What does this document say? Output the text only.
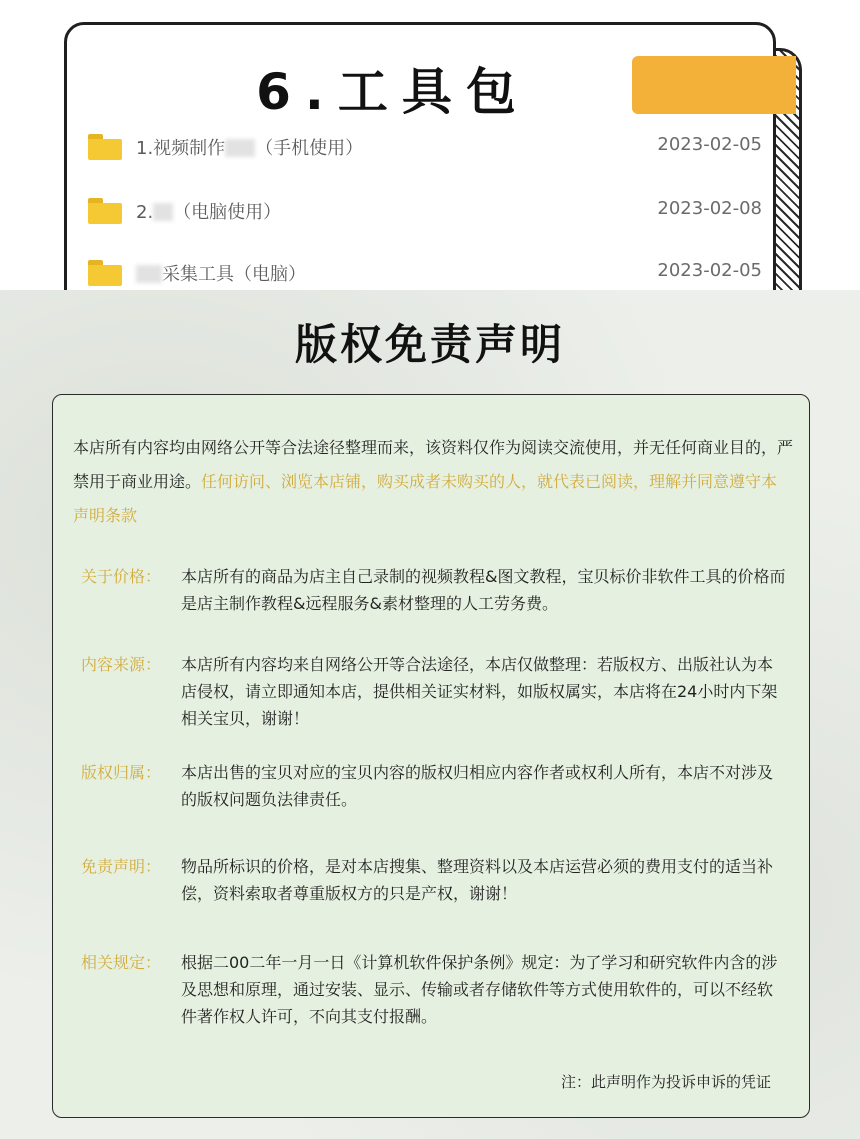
6.工具包
1.视频制作 （手机使用）	2023-02-05
2. （电脑使用）	2023-02-08
采集工具（电脑）	2023-02-05
版权免责声明
本店所有内容均由网络公开等合法途径整理而来，该资料仅作为阅读交流使用，并无任何商业目的，严禁用于商业用途。任何访问、浏览本店铺，购买成者未购买的人，就代表已阅读，理解并同意遵守本声明条款
关于价格： 本店所有的商品为店主自己录制的视频教程&图文教程，宝贝标价非软件工具的价格而是店主制作教程&远程服务&素材整理的人工劳务费。
内容来源： 本店所有内容均来自网络公开等合法途径，本店仅做整理：若版权方、出版社认为本店侵权，请立即通知本店，提供相关证实材料，如版权属实，本店将在24小时内下架相关宝贝，谢谢！
版权归属： 本店出售的宝贝对应的宝贝内容的版权归相应内容作者或权利人所有，本店不对涉及的版权问题负法律责任。
免责声明： 物品所标识的价格，是对本店搜集、整理资料以及本店运营必须的费用支付的适当补偿，资料索取者尊重版权方的只是产权，谢谢！
相关规定： 根据二00二年一月一日《计算机软件保护条例》规定：为了学习和研究软件内含的涉及思想和原理，通过安装、显示、传输或者存储软件等方式使用软件的，可以不经软件著作权人许可，不向其支付报酬。
注：此声明作为投诉申诉的凭证
